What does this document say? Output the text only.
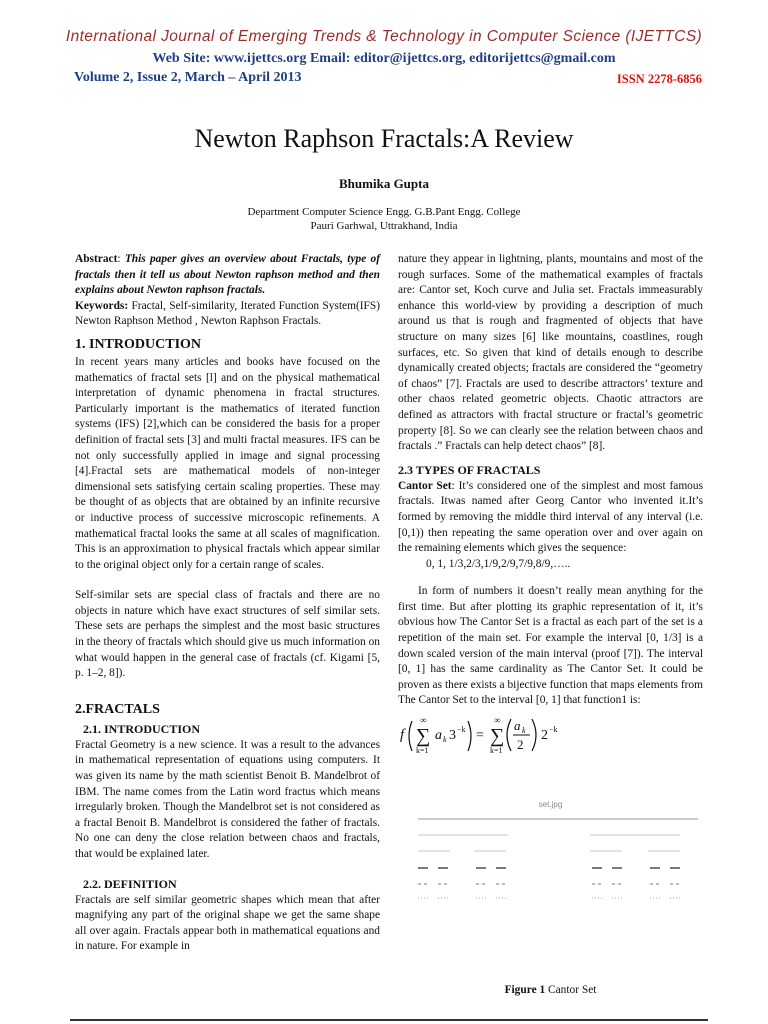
International Journal of Emerging Trends & Technology in Computer Science (IJETTCS)
Web Site: www.ijettcs.org Email: editor@ijettcs.org, editorijettcs@gmail.com
Volume 2, Issue 2, March – April 2013	ISSN 2278-6856
Newton Raphson Fractals:A Review
Bhumika Gupta
Department Computer Science Engg. G.B.Pant Engg. College
Pauri Garhwal, Uttrakhand, India

Abstract: This paper gives an overview about Fractals, type of fractals then it tell us about Newton raphson method and then explains about Newton raphson fractals.

Keywords: Fractal, Self-similarity, Iterated Function System(IFS) Newton Raphson Method , Newton Raphson Fractals.

1. INTRODUCTION

In recent years many articles and books have focused on the mathematics of fractal sets [l] and on the physical mathematical interpretation of dynamic phenomena in fractal structures. Particularly important is the mathematics of iterated function systems (IFS) [2],which can be considered the basis for a proper definition of fractal sets [3] and multi fractal measures. IFS can be not only successfully applied in image and signal processing [4].Fractal sets are mathematical models of non-integer dimensional sets satisfying certain scaling properties. These may be thought of as objects that are obtained by an infinite recursive or inductive process of successive microscopic refinements. A mathematical fractal looks the same at all scales of magnification. This is an approximation to physical fractals which appear similar to the original object only for a certain range of scales.

Self-similar sets are special class of fractals and there are no objects in nature which have exact structures of self similar sets. These sets are perhaps the simplest and the most basic structures in the theory of fractals which should give us much information on what would happen in the general case of fractals (cf. Kigami [5, p. 1–2, 8]).

2.FRACTALS
2.1. INTRODUCTION

Fractal Geometry is a new science. It was a result to the advances in mathematical representation of equations using computers. It was given its name by the math scientist Benoit B. Mandelbrot of IBM. The name comes from the Latin word fractus which means irregularly broken. Though the Mandelbrot set is not considered as a fractal Benoit B. Mandelbrot is considered the father of fractals. No one can deny the close relation between chaos and fractals, that would be explained later.

2.2. DEFINITION

Fractals are self similar geometric shapes which mean that after magnifying any part of the original shape we get the same shape all over again. Fractals appear both in mathematical equations and in nature. For example in

nature they appear in lightning, plants, mountains and most of the rough surfaces. Some of the mathematical examples of fractals are: Cantor set, Koch curve and Julia set. Fractals immeasurably enhance this world-view by providing a description of much around us that is rough and fragmented of objects that have structure on many sizes [6] like mountains, coastlines, rough surfaces, etc. So given that kind of details enough to describe dynamically created objects; fractals are considered the “geometry of chaos” [7]. Fractals are used to describe attractors’ texture and other chaos related geometric objects. Chaotic attractors are defined as attractors with fractal structure or fractal’s geometric property [8]. So we can clearly see the relation between chaos and fractals .” Fractals can help detect chaos” [8].

2.3 TYPES OF FRACTALS

Cantor Set: It’s considered one of the simplest and most famous fractals. Itwas named after Georg Cantor who invented it.It’s formed by removing the middle third interval of any interval (i.e. [0,1)) then repeating the same operation over and over again on the remaining elements which gives the sequence:

0, 1, 1/3,2/3,1/9,2/9,7/9,8/9,…..

In form of numbers it doesn’t really mean anything for the first time. But after plotting its graphic representation of it, it’s obvious how The Cantor Set is a fractal as each part of the set is a repetition of the main set. For example the interval [0, 1/3] is a down scaled version of the main interval (proof [7]). The interval [0, 1] has the same cardinality as The Cantor Set. It could be proven as there exists a bijective function that maps elements from The Cantor Set to the interval [0, 1] that function1 is:

f
∞
∑
k=1
a k 3 −k =
∞
∑
k=1
a k
2
2 −k
set.jpg
Figure 1 Cantor Set
